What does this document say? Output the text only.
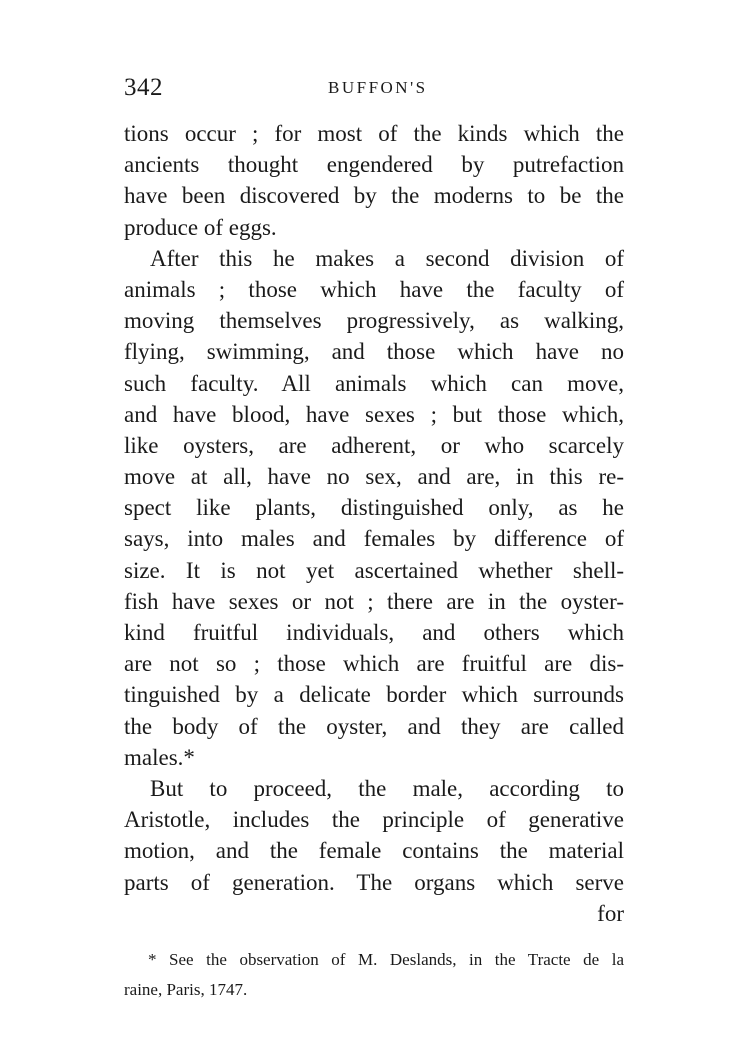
342	BUFFON'S
tions occur ; for most of the kinds which the
ancients thought engendered by putrefaction
have been discovered by the moderns to be the
produce of eggs.
After this he makes a second division of
animals ; those which have the faculty of
moving themselves progressively, as walking,
flying, swimming, and those which have no
such faculty. All animals which can move,
and have blood, have sexes ; but those which,
like oysters, are adherent, or who scarcely
move at all, have no sex, and are, in this re-
spect like plants, distinguished only, as he
says, into males and females by difference of
size. It is not yet ascertained whether shell-
fish have sexes or not ; there are in the oyster-
kind fruitful individuals, and others which
are not so ; those which are fruitful are dis-
tinguished by a delicate border which surrounds
the body of the oyster, and they are called
males.*
But to proceed, the male, according to
Aristotle, includes the principle of generative
motion, and the female contains the material
parts of generation. The organs which serve
for
* See the observation of M. Deslands, in the Tracte de la
raine, Paris, 1747.
